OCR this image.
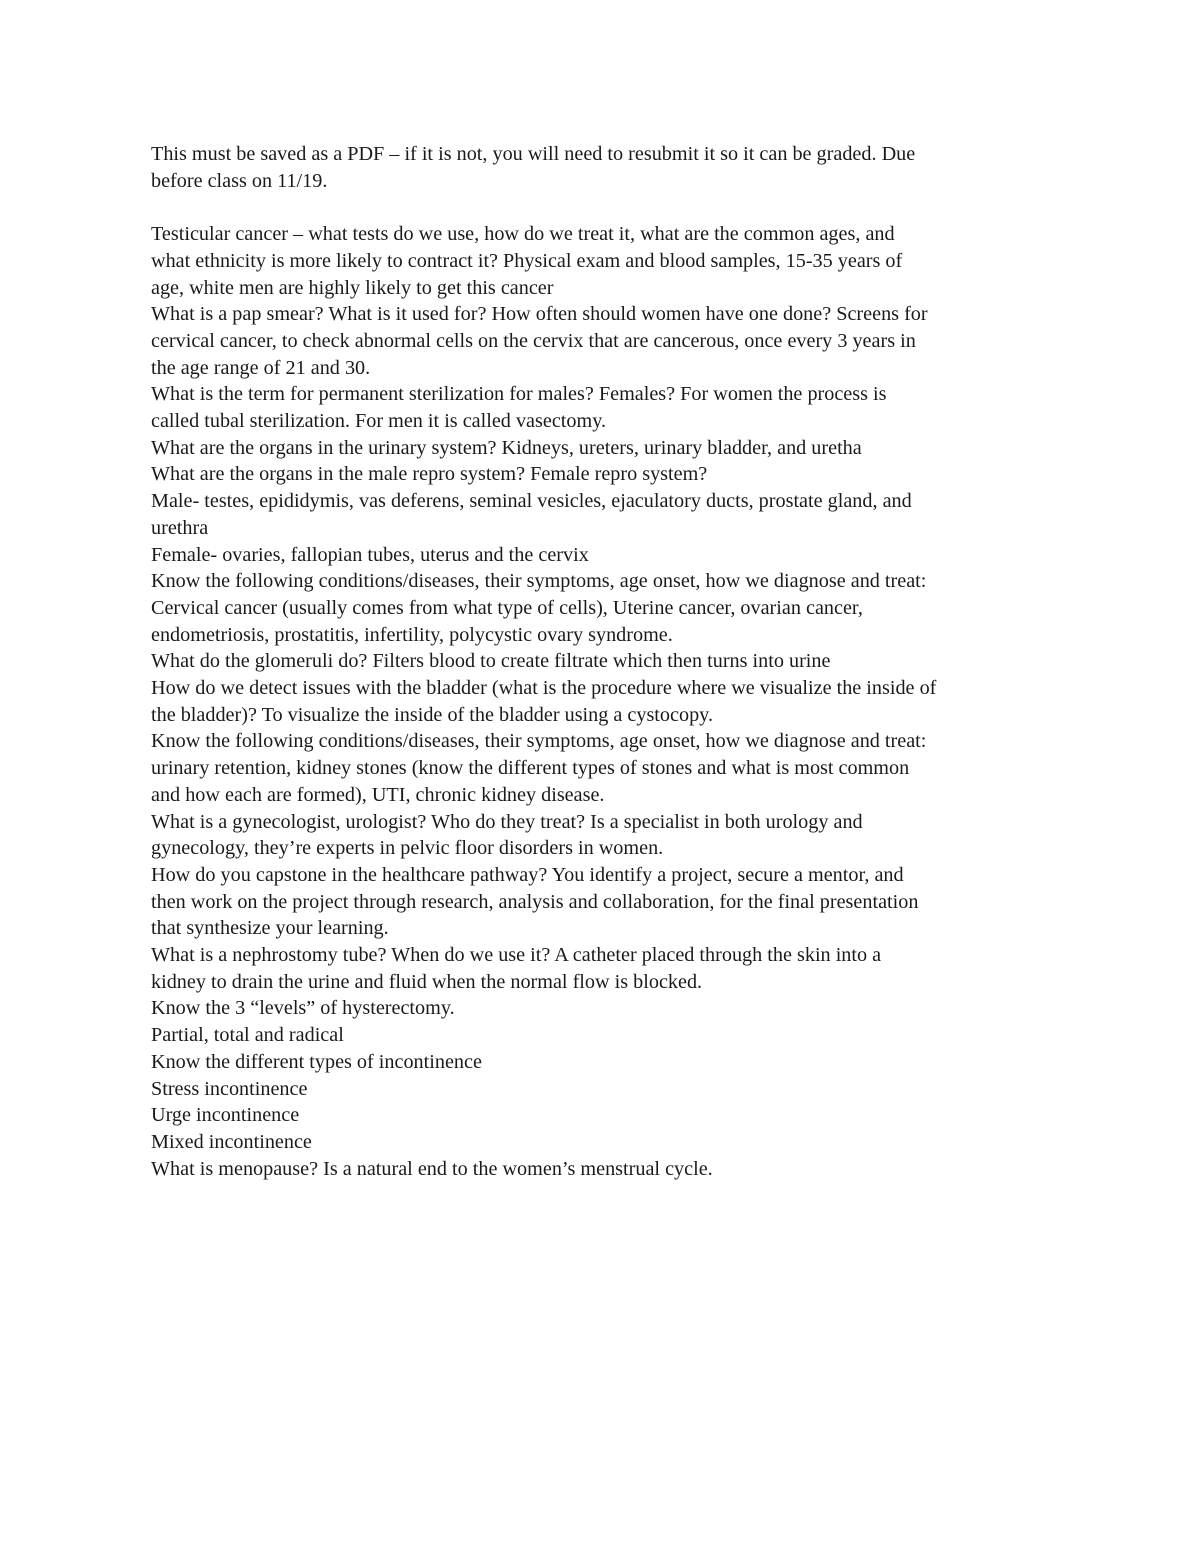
This must be saved as a PDF – if it is not, you will need to resubmit it so it can be graded. Due
before class on 11/19.

Testicular cancer – what tests do we use, how do we treat it, what are the common ages, and
what ethnicity is more likely to contract it? Physical exam and blood samples, 15-35 years of
age, white men are highly likely to get this cancer

What is a pap smear? What is it used for? How often should women have one done? Screens for
cervical cancer, to check abnormal cells on the cervix that are cancerous, once every 3 years in
the age range of 21 and 30.

What is the term for permanent sterilization for males? Females? For women the process is
called tubal sterilization. For men it is called vasectomy.

What are the organs in the urinary system? Kidneys, ureters, urinary bladder, and uretha

What are the organs in the male repro system? Female repro system?

Male- testes, epididymis, vas deferens, seminal vesicles, ejaculatory ducts, prostate gland, and
urethra

Female- ovaries, fallopian tubes, uterus and the cervix

Know the following conditions/diseases, their symptoms, age onset, how we diagnose and treat:
Cervical cancer (usually comes from what type of cells), Uterine cancer, ovarian cancer,
endometriosis, prostatitis, infertility, polycystic ovary syndrome.

What do the glomeruli do? Filters blood to create filtrate which then turns into urine

How do we detect issues with the bladder (what is the procedure where we visualize the inside of
the bladder)? To visualize the inside of the bladder using a cystocopy.

Know the following conditions/diseases, their symptoms, age onset, how we diagnose and treat:
urinary retention, kidney stones (know the different types of stones and what is most common
and how each are formed), UTI, chronic kidney disease.

What is a gynecologist, urologist? Who do they treat? Is a specialist in both urology and
gynecology, they’re experts in pelvic floor disorders in women.

How do you capstone in the healthcare pathway? You identify a project, secure a mentor, and
then work on the project through research, analysis and collaboration, for the final presentation
that synthesize your learning.

What is a nephrostomy tube? When do we use it? A catheter placed through the skin into a
kidney to drain the urine and fluid when the normal flow is blocked.

Know the 3 “levels” of hysterectomy.

Partial, total and radical

Know the different types of incontinence

Stress incontinence

Urge incontinence

Mixed incontinence

What is menopause? Is a natural end to the women’s menstrual cycle.
